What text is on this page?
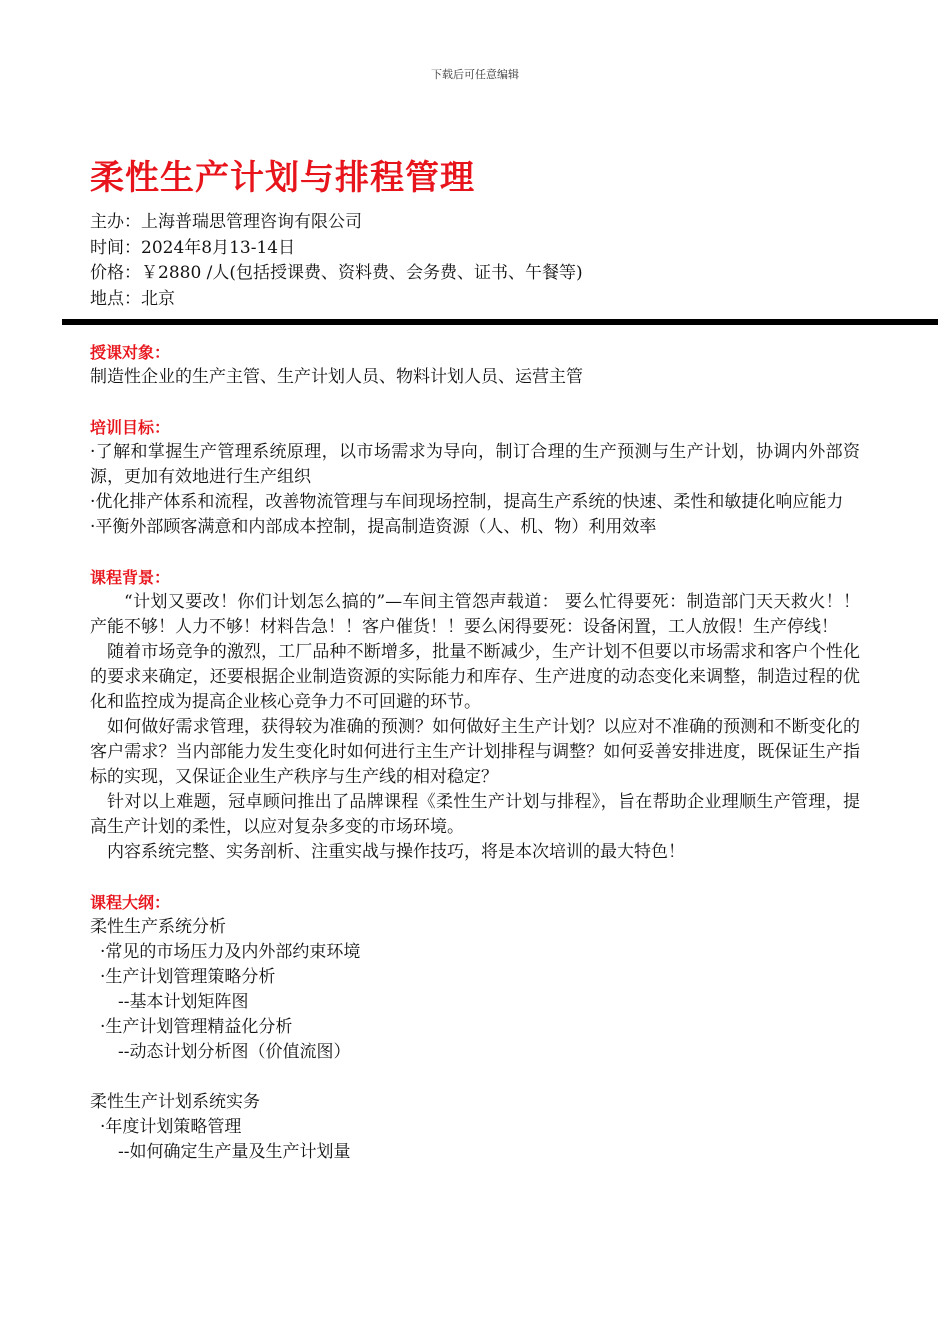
下载后可任意编辑
柔性生产计划与排程管理
主办：上海普瑞思管理咨询有限公司
时间：2024年8月13-14日
价格：￥2880 /人(包括授课费、资料费、会务费、证书、午餐等)
地点：北京
授课对象：
制造性企业的生产主管、生产计划人员、物料计划人员、运营主管
培训目标：
·了解和掌握生产管理系统原理，以市场需求为导向，制订合理的生产预测与生产计划，协调内外部资源，更加有效地进行生产组织
·优化排产体系和流程，改善物流管理与车间现场控制，提高生产系统的快速、柔性和敏捷化响应能力
·平衡外部顾客满意和内部成本控制，提高制造资源（人、机、物）利用效率
课程背景：
“计划又要改！你们计划怎么搞的”—车间主管怨声载道： 要么忙得要死：制造部门天天救火！！产能不够！人力不够！材料告急！！客户催货！！要么闲得要死：设备闲置，工人放假！生产停线！
随着市场竞争的激烈，工厂品种不断增多，批量不断减少，生产计划不但要以市场需求和客户个性化的要求来确定，还要根据企业制造资源的实际能力和库存、生产进度的动态变化来调整，制造过程的优化和监控成为提高企业核心竞争力不可回避的环节。
如何做好需求管理，获得较为准确的预测？如何做好主生产计划？以应对不准确的预测和不断变化的客户需求？当内部能力发生变化时如何进行主生产计划排程与调整？如何妥善安排进度，既保证生产指标的实现，又保证企业生产秩序与生产线的相对稳定？
针对以上难题，冠卓顾问推出了品牌课程《柔性生产计划与排程》，旨在帮助企业理顺生产管理，提高生产计划的柔性，以应对复杂多变的市场环境。
内容系统完整、实务剖析、注重实战与操作技巧，将是本次培训的最大特色！
课程大纲：
柔性生产系统分析
·常见的市场压力及内外部约束环境
·生产计划管理策略分析
--基本计划矩阵图
·生产计划管理精益化分析
--动态计划分析图（价值流图）
柔性生产计划系统实务
·年度计划策略管理
--如何确定生产量及生产计划量
